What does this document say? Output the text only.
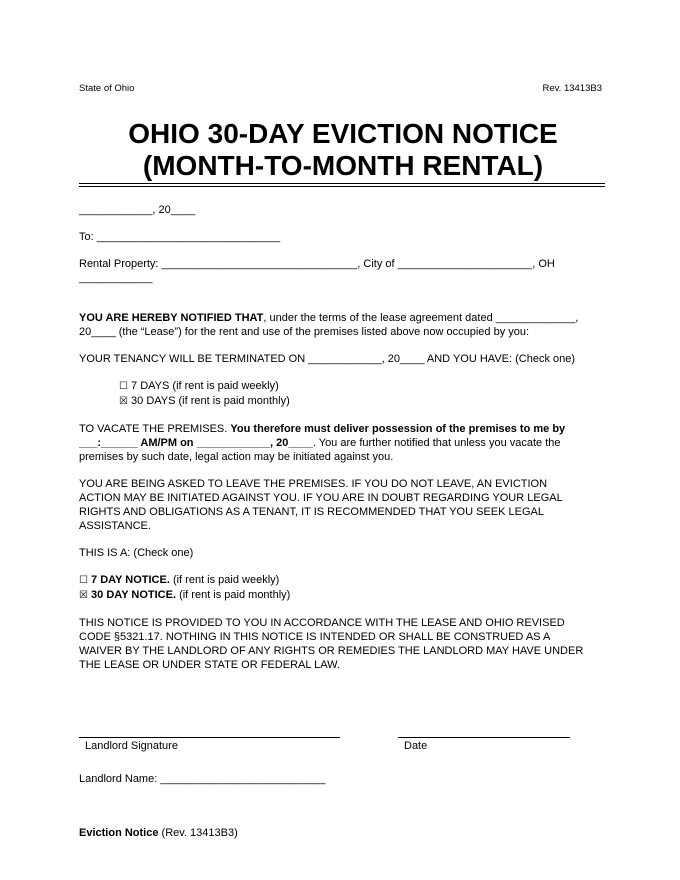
State of Ohio	Rev. 13413B3
OHIO 30-DAY EVICTION NOTICE
(MONTH-TO-MONTH RENTAL)

____________, 20____

To: ______________________________

Rental Property: ________________________________, City of ______________________, OH ____________

YOU ARE HEREBY NOTIFIED THAT, under the terms of the lease agreement dated _____________,

20____ (the “Lease”) for the rent and use of the premises listed above now occupied by you:

YOUR TENANCY WILL BE TERMINATED ON ____________, 20____ AND YOU HAVE: (Check one)

☐ 7 DAYS (if rent is paid weekly)

☒ 30 DAYS (if rent is paid monthly)

TO VACATE THE PREMISES. You therefore must deliver possession of the premises to me by

___:______ AM/PM on ____________, 20____. You are further notified that unless you vacate the

premises by such date, legal action may be initiated against you.

YOU ARE BEING ASKED TO LEAVE THE PREMISES. IF YOU DO NOT LEAVE, AN EVICTION

ACTION MAY BE INITIATED AGAINST YOU. IF YOU ARE IN DOUBT REGARDING YOUR LEGAL

RIGHTS AND OBLIGATIONS AS A TENANT, IT IS RECOMMENDED THAT YOU SEEK LEGAL

ASSISTANCE.

THIS IS A: (Check one)

☐ 7 DAY NOTICE. (if rent is paid weekly)

☒ 30 DAY NOTICE. (if rent is paid monthly)

THIS NOTICE IS PROVIDED TO YOU IN ACCORDANCE WITH THE LEASE AND OHIO REVISED

CODE §5321.17. NOTHING IN THIS NOTICE IS INTENDED OR SHALL BE CONSTRUED AS A

WAIVER BY THE LANDLORD OF ANY RIGHTS OR REMEDIES THE LANDLORD MAY HAVE UNDER

THE LEASE OR UNDER STATE OR FEDERAL LAW.

Landlord Signature	Date
Landlord Name: ___________________________
Eviction Notice (Rev. 13413B3)
